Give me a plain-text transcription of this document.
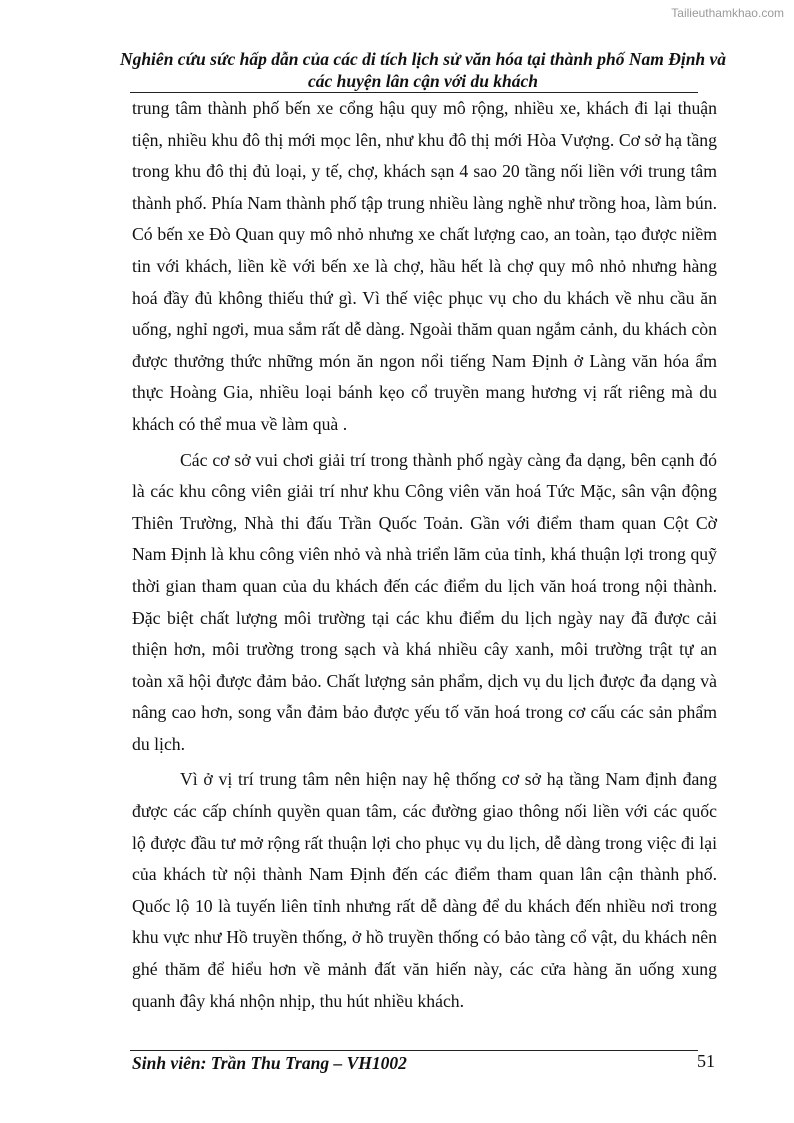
Tailieuthamkhao.com
Nghiên cứu sức hấp dẫn của các di tích lịch sử văn hóa tại thành phố Nam Định và các huyện lân cận với du khách

trung tâm thành phố bến xe cổng hậu quy mô rộng, nhiều xe, khách đi lại thuận tiện, nhiều khu đô thị mới mọc lên, như khu đô thị mới Hòa Vượng. Cơ sở hạ tầng trong khu đô thị đủ loại, y tế, chợ, khách sạn 4 sao 20 tầng nối liền với trung tâm thành phố. Phía Nam thành phố tập trung nhiều làng nghề như trồng hoa, làm bún. Có bến xe Đò Quan quy mô nhỏ nhưng xe chất lượng cao, an toàn, tạo được niềm tin với khách, liền kề với bến xe là chợ, hầu hết là chợ quy mô nhỏ nhưng hàng hoá đầy đủ không thiếu thứ gì. Vì thế việc phục vụ cho du khách về nhu cầu ăn uống, nghỉ ngơi, mua sắm rất dễ dàng. Ngoài thăm quan ngắm cảnh, du khách còn được thưởng thức những món ăn ngon nổi tiếng Nam Định ở Làng văn hóa ẩm thực Hoàng Gia, nhiều loại bánh kẹo cổ truyền mang hương vị rất riêng mà du khách có thể mua về làm quà .

Các cơ sở vui chơi giải trí trong thành phố ngày càng đa dạng, bên cạnh đó là các khu công viên giải trí như khu Công viên văn hoá Tức Mặc, sân vận động Thiên Trường, Nhà thi đấu Trần Quốc Toản. Gần với điểm tham quan Cột Cờ Nam Định là khu công viên nhỏ và nhà triển lãm của tỉnh, khá thuận lợi trong quỹ thời gian tham quan của du khách đến các điểm du lịch văn hoá trong nội thành. Đặc biệt chất lượng môi trường tại các khu điểm du lịch ngày nay đã được cải thiện hơn, môi trường trong sạch và khá nhiều cây xanh, môi trường trật tự an toàn xã hội được đảm bảo. Chất lượng sản phẩm, dịch vụ du lịch được đa dạng và nâng cao hơn, song vẫn đảm bảo được yếu tố văn hoá trong cơ cấu các sản phẩm du lịch.

Vì ở vị trí trung tâm nên hiện nay hệ thống cơ sở hạ tầng Nam định đang được các cấp chính quyền quan tâm, các đường giao thông nối liền với các quốc lộ được đầu tư mở rộng rất thuận lợi cho phục vụ du lịch, dễ dàng trong việc đi lại của khách từ nội thành Nam Định đến các điểm tham quan lân cận thành phố. Quốc lộ 10 là tuyến liên tỉnh nhưng rất dễ dàng để du khách đến nhiều nơi trong khu vực như Hồ truyền thống, ở hồ truyền thống có bảo tàng cổ vật, du khách nên ghé thăm để hiểu hơn về mảnh đất văn hiến này, các cửa hàng ăn uống xung quanh đây khá nhộn nhịp, thu hút nhiều khách.

Sinh viên: Trần Thu Trang – VH1002	51
